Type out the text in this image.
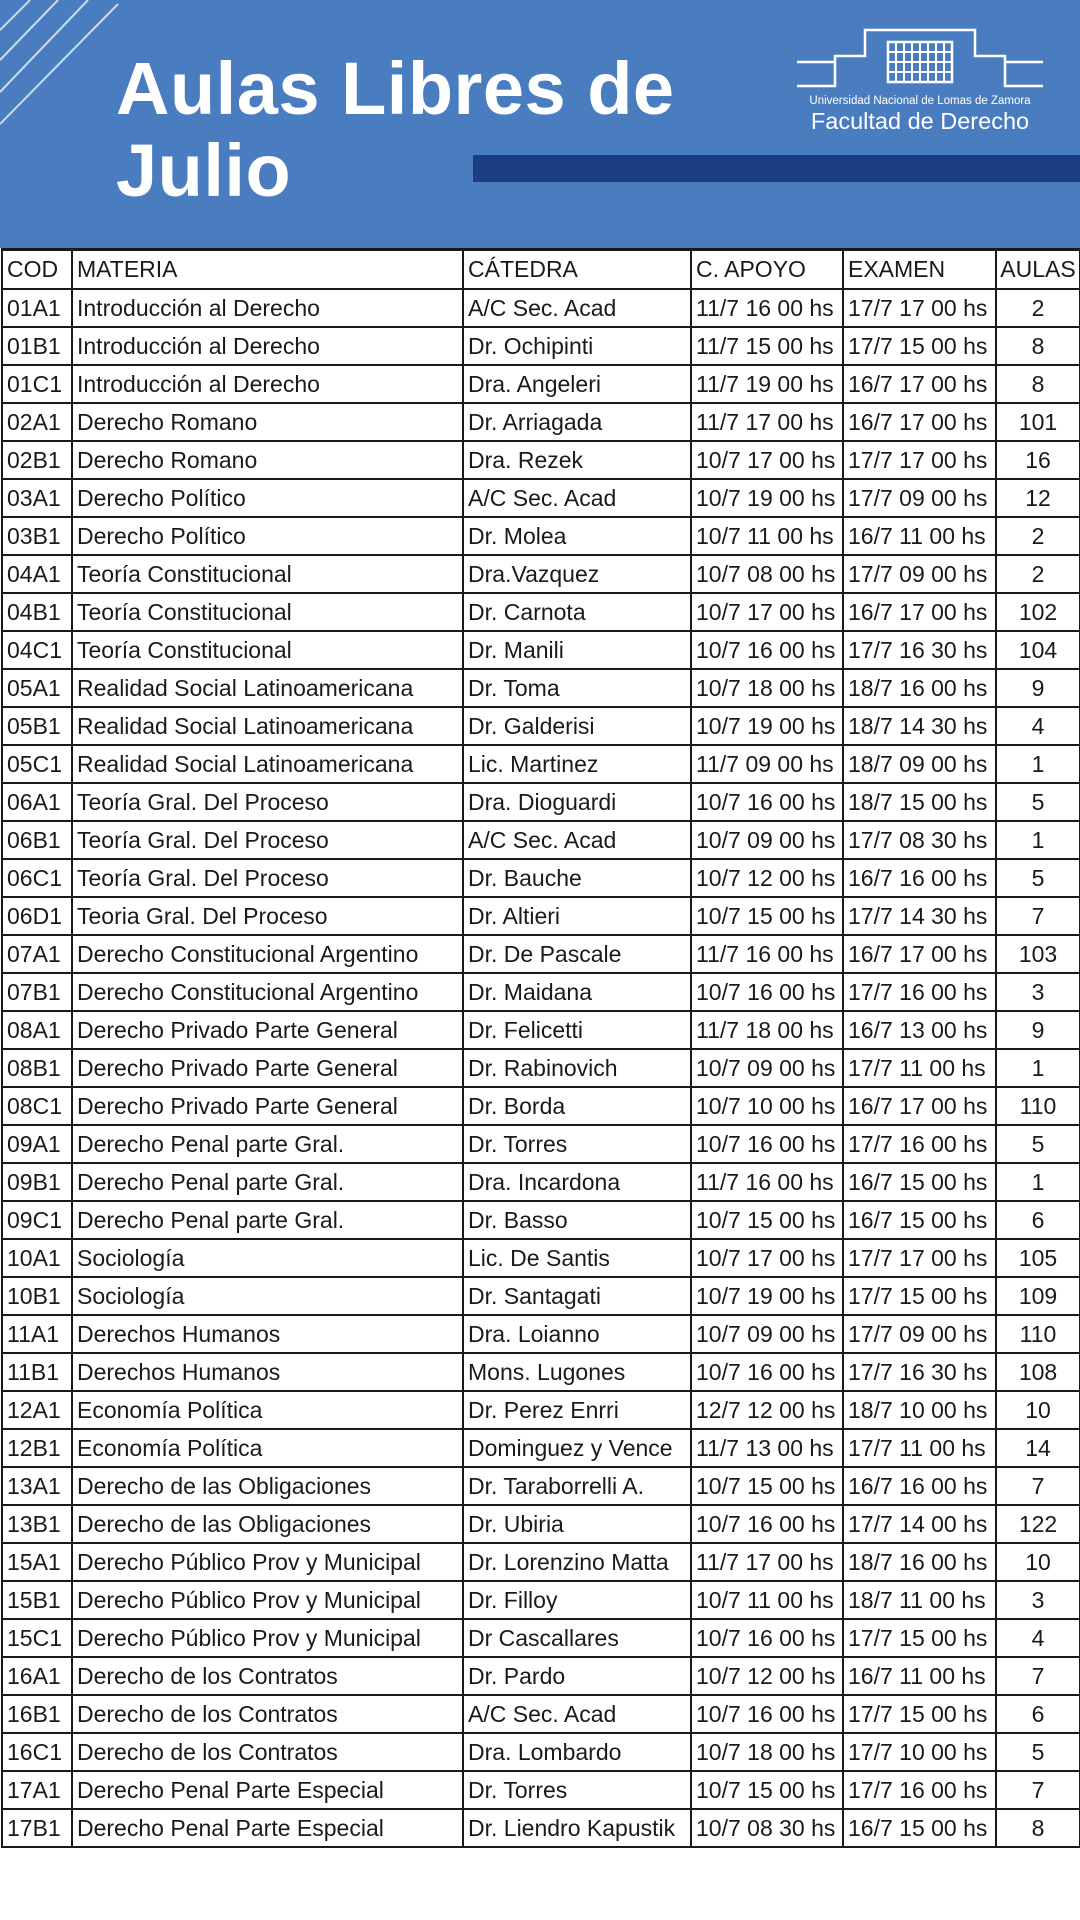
Aulas Libres de
Julio
Universidad Nacional de Lomas de Zamora
Facultad de Derecho
COD	MATERIA	CÁTEDRA	C. APOYO	EXAMEN	AULAS
01A1	Introducción al Derecho	A/C Sec. Acad	11/7 16 00 hs	17/7 17 00 hs	2
01B1	Introducción al Derecho	Dr. Ochipinti	11/7 15 00 hs	17/7 15 00 hs	8
01C1	Introducción al Derecho	Dra. Angeleri	11/7 19 00 hs	16/7 17 00 hs	8
02A1	Derecho Romano	Dr. Arriagada	11/7 17 00 hs	16/7 17 00 hs	101
02B1	Derecho Romano	Dra. Rezek	10/7 17 00 hs	17/7 17 00 hs	16
03A1	Derecho Político	A/C Sec. Acad	10/7 19 00 hs	17/7 09 00 hs	12
03B1	Derecho Político	Dr. Molea	10/7 11 00 hs	16/7 11 00 hs	2
04A1	Teoría Constitucional	Dra.Vazquez	10/7 08 00 hs	17/7 09 00 hs	2
04B1	Teoría Constitucional	Dr. Carnota	10/7 17 00 hs	16/7 17 00 hs	102
04C1	Teoría Constitucional	Dr. Manili	10/7 16 00 hs	17/7 16 30 hs	104
05A1	Realidad Social Latinoamericana	Dr. Toma	10/7 18 00 hs	18/7 16 00 hs	9
05B1	Realidad Social Latinoamericana	Dr. Galderisi	10/7 19 00 hs	18/7 14 30 hs	4
05C1	Realidad Social Latinoamericana	Lic. Martinez	11/7 09 00 hs	18/7 09 00 hs	1
06A1	Teoría Gral. Del Proceso	Dra. Dioguardi	10/7 16 00 hs	18/7 15 00 hs	5
06B1	Teoría Gral. Del Proceso	A/C Sec. Acad	10/7 09 00 hs	17/7 08 30 hs	1
06C1	Teoría Gral. Del Proceso	Dr. Bauche	10/7 12 00 hs	16/7 16 00 hs	5
06D1	Teoria Gral. Del Proceso	Dr. Altieri	10/7 15 00 hs	17/7 14 30 hs	7
07A1	Derecho Constitucional Argentino	Dr. De Pascale	11/7 16 00 hs	16/7 17 00 hs	103
07B1	Derecho Constitucional Argentino	Dr. Maidana	10/7 16 00 hs	17/7 16 00 hs	3
08A1	Derecho Privado Parte General	Dr. Felicetti	11/7 18 00 hs	16/7 13 00 hs	9
08B1	Derecho Privado Parte General	Dr. Rabinovich	10/7 09 00 hs	17/7 11 00 hs	1
08C1	Derecho Privado Parte General	Dr. Borda	10/7 10 00 hs	16/7 17 00 hs	110
09A1	Derecho Penal parte Gral.	Dr. Torres	10/7 16 00 hs	17/7 16 00 hs	5
09B1	Derecho Penal parte Gral.	Dra. Incardona	11/7 16 00 hs	16/7 15 00 hs	1
09C1	Derecho Penal parte Gral.	Dr. Basso	10/7 15 00 hs	16/7 15 00 hs	6
10A1	Sociología	Lic. De Santis	10/7 17 00 hs	17/7 17 00 hs	105
10B1	Sociología	Dr. Santagati	10/7 19 00 hs	17/7 15 00 hs	109
11A1	Derechos Humanos	Dra. Loianno	10/7 09 00 hs	17/7 09 00 hs	110
11B1	Derechos Humanos	Mons. Lugones	10/7 16 00 hs	17/7 16 30 hs	108
12A1	Economía Política	Dr. Perez Enrri	12/7 12 00 hs	18/7 10 00 hs	10
12B1	Economía Política	Dominguez y Vence	11/7 13 00 hs	17/7 11 00 hs	14
13A1	Derecho de las Obligaciones	Dr. Taraborrelli A.	10/7 15 00 hs	16/7 16 00 hs	7
13B1	Derecho de las Obligaciones	Dr. Ubiria	10/7 16 00 hs	17/7 14 00 hs	122
15A1	Derecho Público Prov y Municipal	Dr. Lorenzino Matta	11/7 17 00 hs	18/7 16 00 hs	10
15B1	Derecho Público Prov y Municipal	Dr. Filloy	10/7 11 00 hs	18/7 11 00 hs	3
15C1	Derecho Público Prov y Municipal	Dr Cascallares	10/7 16 00 hs	17/7 15 00 hs	4
16A1	Derecho de los Contratos	Dr. Pardo	10/7 12 00 hs	16/7 11 00 hs	7
16B1	Derecho de los Contratos	A/C Sec. Acad	10/7 16 00 hs	17/7 15 00 hs	6
16C1	Derecho de los Contratos	Dra. Lombardo	10/7 18 00 hs	17/7 10 00 hs	5
17A1	Derecho Penal Parte Especial	Dr. Torres	10/7 15 00 hs	17/7 16 00 hs	7
17B1	Derecho Penal Parte Especial	Dr. Liendro Kapustik	10/7 08 30 hs	16/7 15 00 hs	8
